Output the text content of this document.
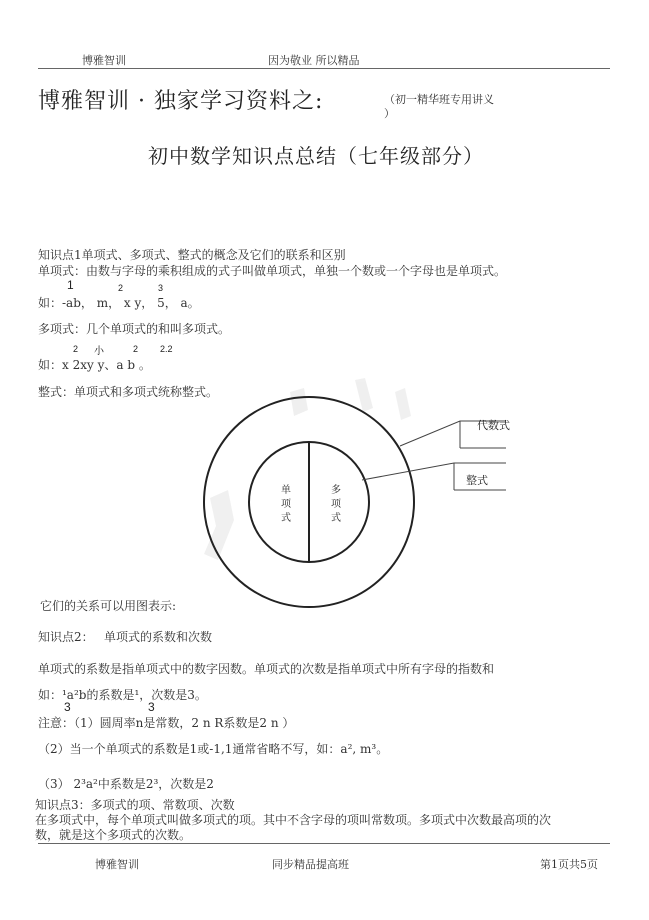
博雅智训	因为敬业 所以精品
博雅智训 · 独家学习资料之:	（初一精华班专用讲义
）
初中数学知识点总结（七年级部分）
知识点1单项式、多项式、整式的概念及它们的联系和区别
单项式：由数与字母的乘积组成的式子叫做单项式，单独一个数或一个字母也是单项式。
1	2	3
如：-ab， m， x y， 5， a。
多项式：几个单项式的和叫多项式。
2 小	2 2.2
如：x 2xy y、a b 。
整式：单项式和多项式统称整式。
代数式
整式
单项式
多项式
它们的关系可以用图表示:
知识点2： 单项式的系数和次数
单项式的系数是指单项式中的数字因数。单项式的次数是指单项式中所有字母的指数和
如：¹a²b的系数是¹，次数是3。
3	3
注意：（1）圆周率n是常数，2 n R系数是2 n ）
（2）当一个单项式的系数是1或-1,1通常省略不写，如：a², m³。
（3） 2³a²中系数是2³，次数是2
知识点3：多项式的项、常数项、次数
在多项式中，每个单项式叫做多项式的项。其中不含字母的项叫常数项。多项式中次数最高项的次
数，就是这个多项式的次数。
博雅智训	同步精品提高班	第1页共5页
